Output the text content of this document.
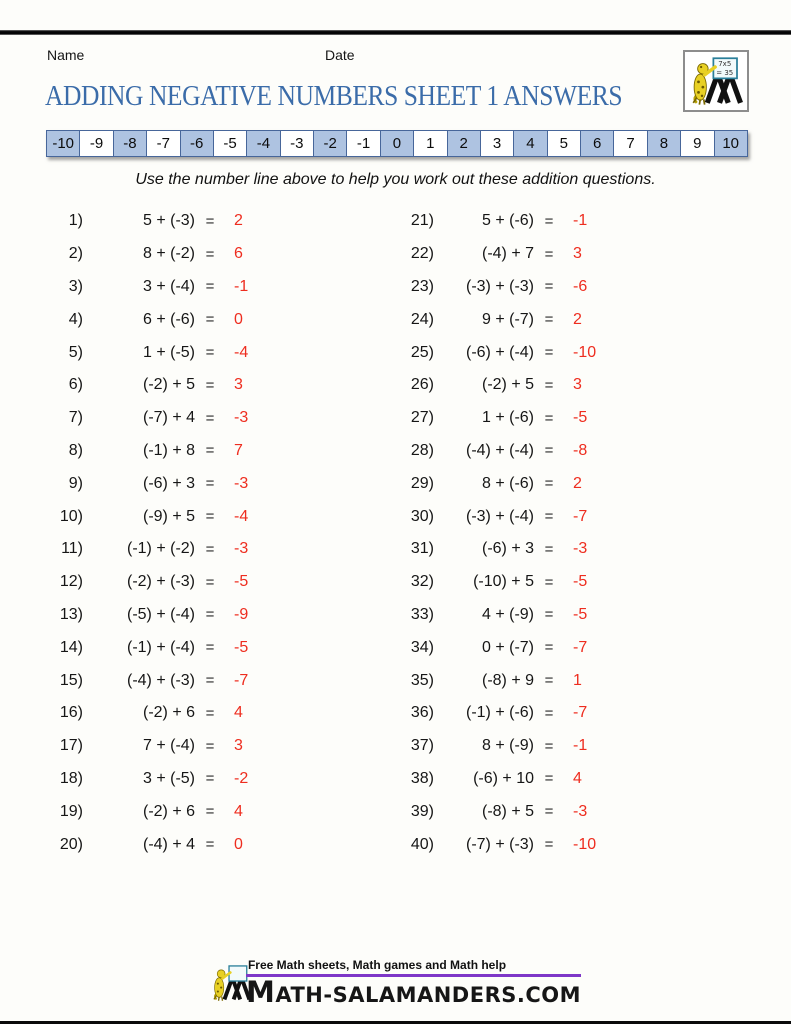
Name	Date
7x5
= 35
ADDING NEGATIVE NUMBERS SHEET 1 ANSWERS
-10	-9	-8	-7	-6	-5	-4	-3	-2	-1	0	1	2	3	4	5	6	7	8	9	10
Use the number line above to help you work out these addition questions.
1)	5 + (-3) =	2
2)	8 + (-2) =	6
3)	3 + (-4) =	-1
4)	6 + (-6) =	0
5)	1 + (-5) =	-4
6)	(-2) + 5 =	3
7)	(-7) + 4 =	-3
8)	(-1) + 8 =	7
9)	(-6) + 3 =	-3
10)	(-9) + 5 =	-4
11)	(-1) + (-2) =	-3
12)	(-2) + (-3) =	-5
13)	(-5) + (-4) =	-9
14)	(-1) + (-4) =	-5
15)	(-4) + (-3) =	-7
16)	(-2) + 6 =	4
17)	7 + (-4) =	3
18)	3 + (-5) =	-2
19)	(-2) + 6 =	4
20)	(-4) + 4 =	0
21)	5 + (-6) =	-1
22)	(-4) + 7 =	3
23)	(-3) + (-3) =	-6
24)	9 + (-7) =	2
25)	(-6) + (-4) =	-10
26)	(-2) + 5 =	3
27)	1 + (-6) =	-5
28)	(-4) + (-4) =	-8
29)	8 + (-6) =	2
30)	(-3) + (-4) =	-7
31)	(-6) + 3 =	-3
32)	(-10) + 5 =	-5
33)	4 + (-9) =	-5
34)	0 + (-7) =	-7
35)	(-8) + 9 =	1
36)	(-1) + (-6) =	-7
37)	8 + (-9) =	-1
38)	(-6) + 10 =	4
39)	(-8) + 5 =	-3
40)	(-7) + (-3) =	-10
Free Math sheets, Math games and Math help
MATH-SALAMANDERS.COM
